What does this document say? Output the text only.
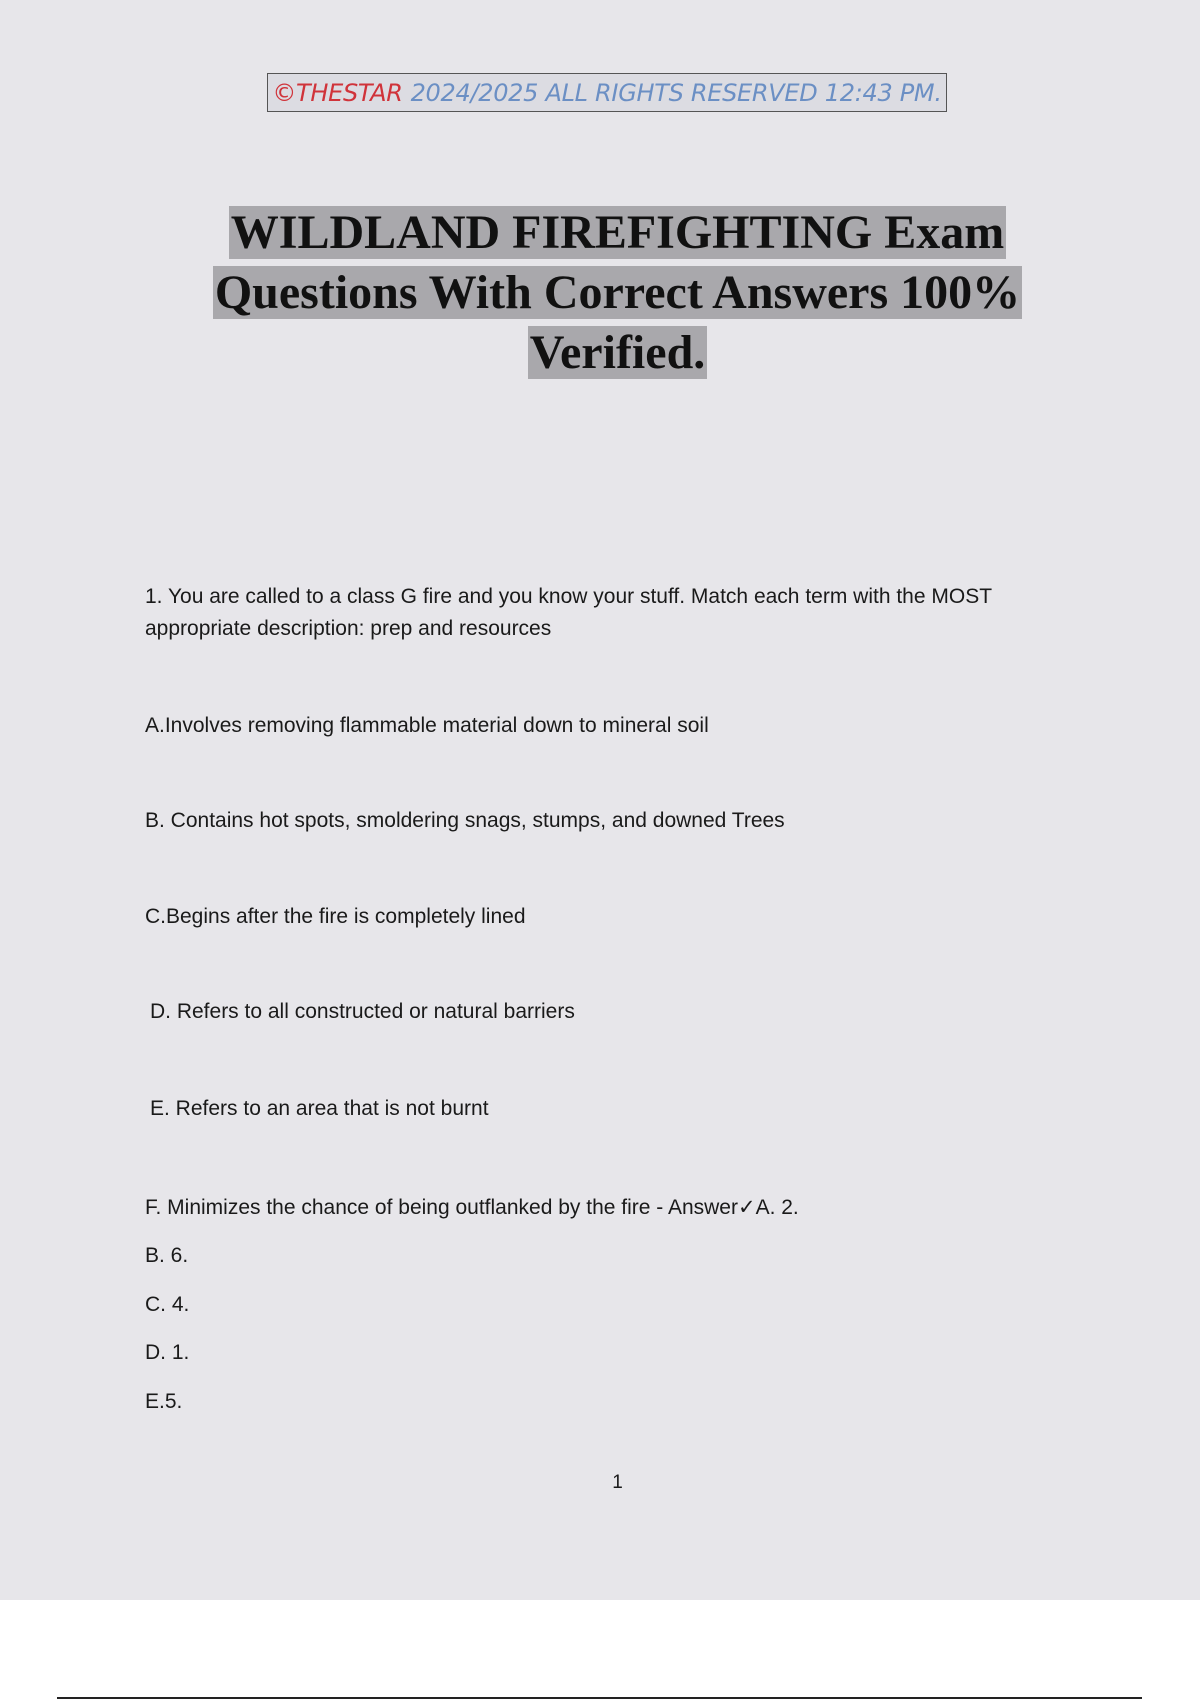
©THESTAR 2024/2025 ALL RIGHTS RESERVED 12:43 PM.
WILDLAND FIREFIGHTING Exam
Questions With Correct Answers 100%
Verified.
1. You are called to a class G fire and you know your stuff. Match each term with the MOST appropriate description: prep and resources
A.Involves removing flammable material down to mineral soil
B. Contains hot spots, smoldering snags, stumps, and downed Trees
C.Begins after the fire is completely lined
D. Refers to all constructed or natural barriers
E. Refers to an area that is not burnt
F. Minimizes the chance of being outflanked by the fire - Answer✓A. 2.
B. 6.
C. 4.
D. 1.
E.5.
1
